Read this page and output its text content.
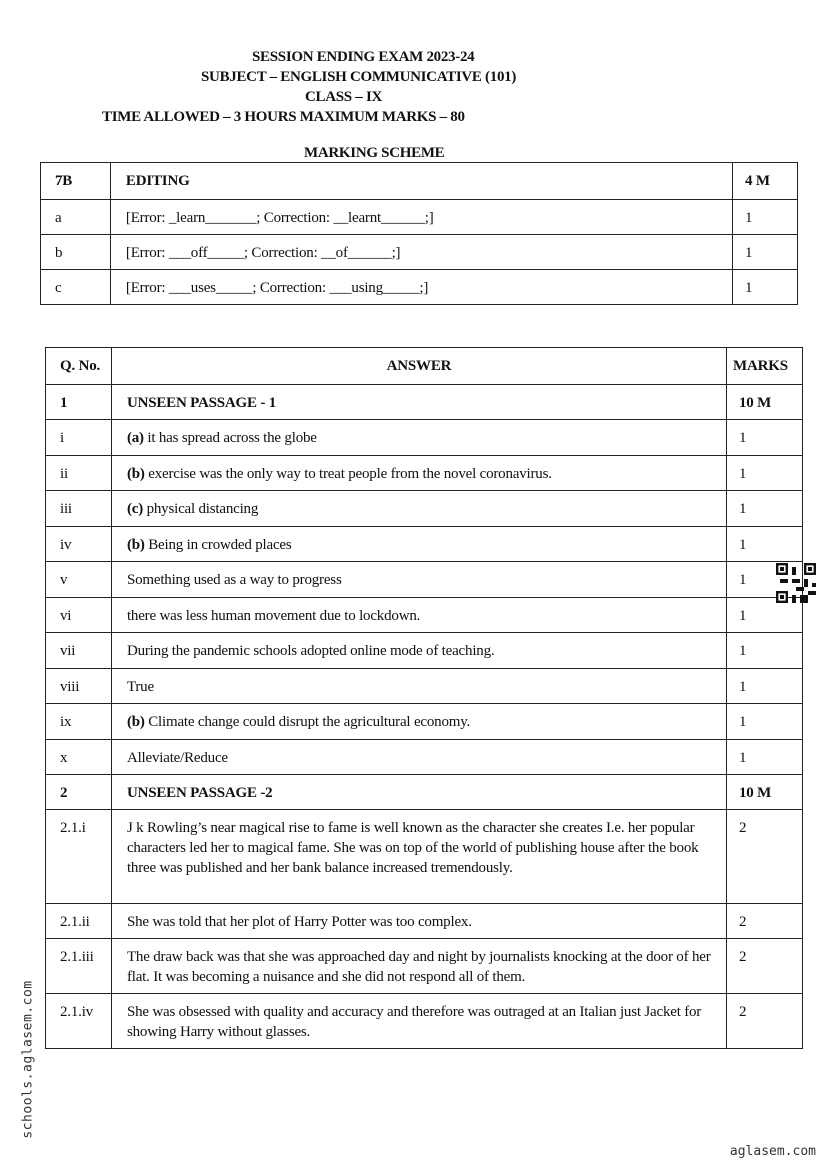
SESSION ENDING EXAM 2023-24
SUBJECT – ENGLISH COMMUNICATIVE (101)
CLASS – IX
TIME ALLOWED – 3 HOURS MAXIMUM MARKS – 80
MARKING SCHEME
7B	EDITING	4 M
a	[Error: _learn_______; Correction: __learnt______;]	1
b	[Error: ___off_____; Correction: __of______;]	1
c	[Error: ___uses_____; Correction: ___using_____;]	1
Q. No.	ANSWER	MARKS
1	UNSEEN PASSAGE - 1	10 M
i	(a) it has spread across the globe	1
ii	(b) exercise was the only way to treat people from the novel coronavirus.	1
iii	(c) physical distancing	1
iv	(b) Being in crowded places	1
v	Something used as a way to progress	1
vi	there was less human movement due to lockdown.	1
vii	During the pandemic schools adopted online mode of teaching.	1
viii	True	1
ix	(b) Climate change could disrupt the agricultural economy.	1
x	Alleviate/Reduce	1
2	UNSEEN PASSAGE -2	10 M
2.1.i	J k Rowling’s near magical rise to fame is well known as the character she creates I.e. her popular characters led her to magical fame. She was on top of the world of publishing house after the book three was published and her bank balance increased tremendously.	2
2.1.ii	She was told that her plot of Harry Potter was too complex.	2
2.1.iii	The draw back was that she was approached day and night by journalists knocking at the door of her flat. It was becoming a nuisance and she did not respond all of them.	2
2.1.iv	She was obsessed with quality and accuracy and therefore was outraged at an Italian just Jacket for showing Harry without glasses.	2
schools.aglasem.com
aglasem.com
